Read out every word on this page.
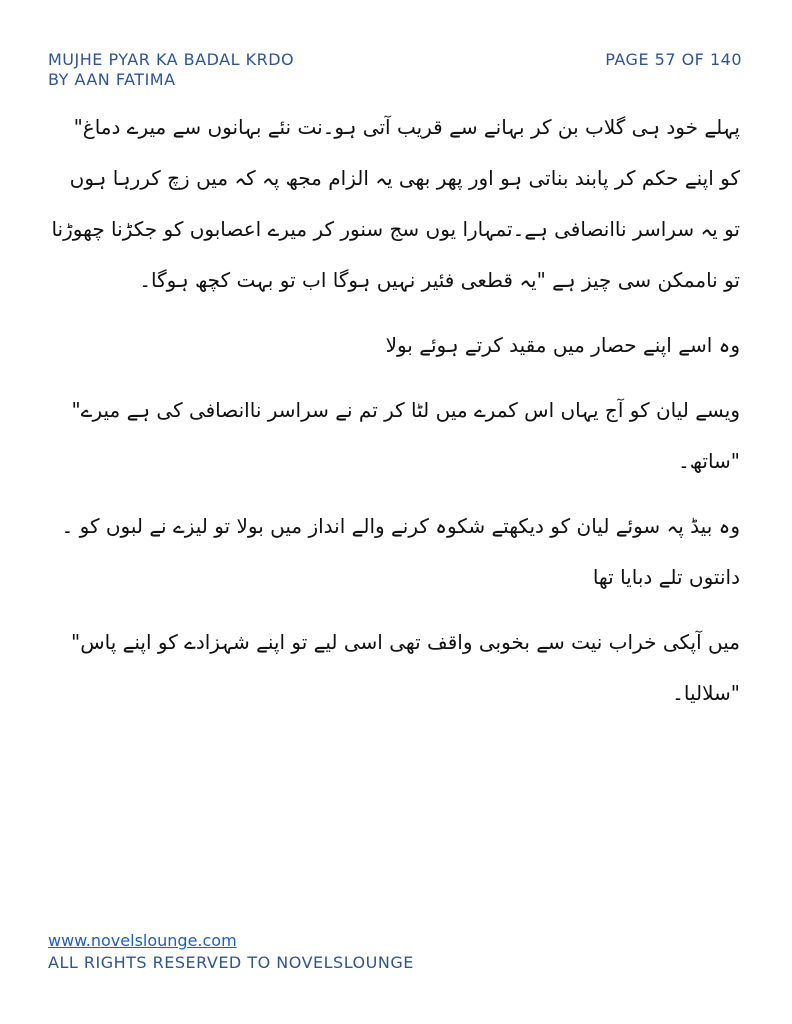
MUJHE PYAR KA BADAL KRDO
BY AAN FATIMA
PAGE 57 OF 140

پہلے خود ہی گلاب بن کر بہانے سے قریب آتی ہو۔نت نئے بہانوں سے میرے دماغ" کو اپنے حکم کر پابند بناتی ہو اور پھر بھی یہ الزام مجھ پہ کہ میں زچ کررہا ہوں تو یہ سراسر ناانصافی ہے۔تمہارا یوں سج سنور کر میرے اعصابوں کو جکڑنا چھوڑنا تو ناممکن سی چیز ہے "یہ قطعی فئیر نہیں ہوگا اب تو بہت کچھ ہوگا۔

وہ اسے اپنے حصار میں مقید کرتے ہوئے بولا

ویسے لیان کو آج یہاں اس کمرے میں لٹا کر تم نے سراسر ناانصافی کی ہے میرے" "ساتھ۔

وہ بیڈ پہ سوئے لیان کو دیکھتے شکوہ کرنے والے انداز میں بولا تو لیزے نے لبوں کو ۔دانتوں تلے دبایا تھا

میں آپکی خراب نیت سے بخوبی واقف تھی اسی لیے تو اپنے شہزادے کو اپنے پاس" "سلالیا۔

www.novelslounge.com
ALL RIGHTS RESERVED TO NOVELSLOUNGE
